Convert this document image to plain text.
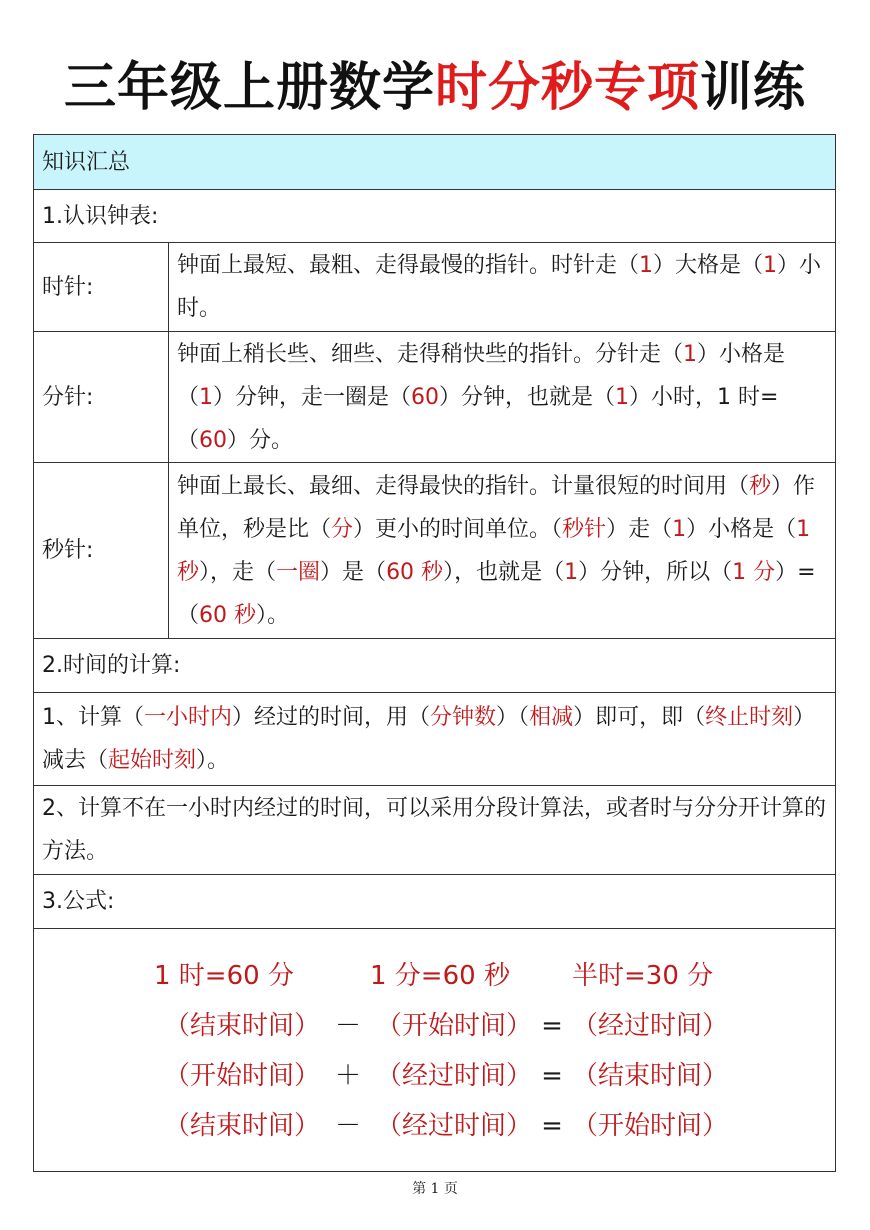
三年级上册数学时分秒专项训练
知识汇总	
1.认识钟表:	
时针:	钟面上最短、最粗、走得最慢的指针。时针走（1）大格是（1）小时。
分针:	钟面上稍长些、细些、走得稍快些的指针。分针走（1）小格是（1）分钟，走一圈是（60）分钟，也就是（1）小时，1 时=（60）分。
秒针:	钟面上最长、最细、走得最快的指针。计量很短的时间用（秒）作单位，秒是比（分）更小的时间单位。（秒针）走（1）小格是（1 秒），走（一圈）是（60 秒），也就是（1）分钟，所以（1 分）=（60 秒）。
2.时间的计算:	
1、计算（一小时内）经过的时间，用（分钟数）（相减）即可，即（终止时刻）减去（起始时刻）。	
2、计算不在一小时内经过的时间，可以采用分段计算法，或者时与分分开计算的方法。	
3.公式:	

1 时=60 分 1 分=60 秒 半时=30 分
（结束时间） － （开始时间） = （经过时间）
（开始时间） ＋ （经过时间） = （结束时间）
（结束时间） － （经过时间） = （开始时间）	
第 1 页
